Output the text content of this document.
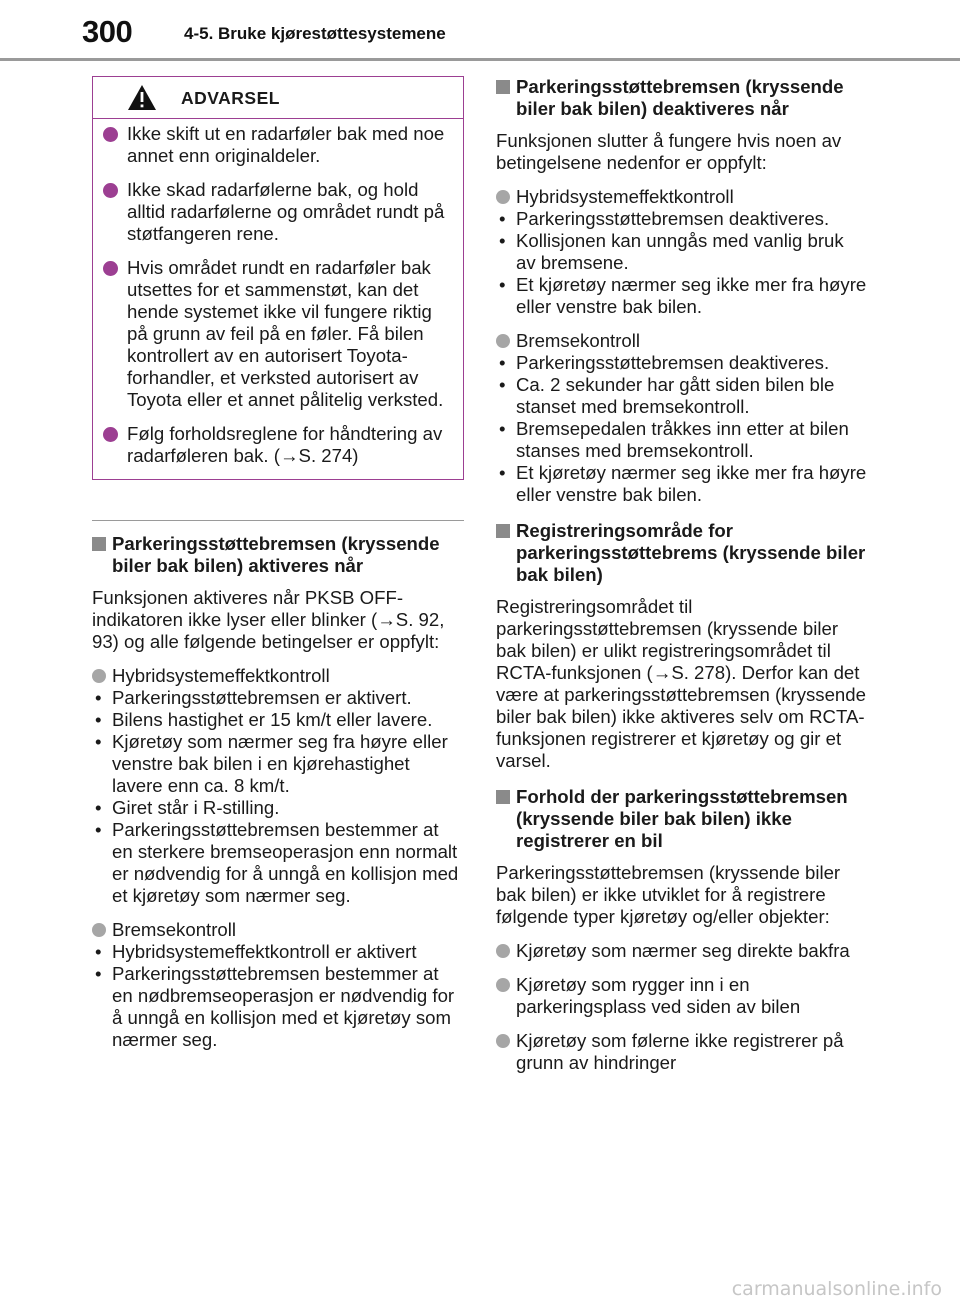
300	4-5. Bruke kjørestøttesystemene
ADVARSEL

Ikke skift ut en radarføler bak med noe annet enn originaldeler.

Ikke skad radarfølerne bak, og hold alltid radarfølerne og området rundt på støtfangeren rene.

Hvis området rundt en radarføler bak utsettes for et sammenstøt, kan det hende systemet ikke vil fungere riktig på grunn av feil på en føler. Få bilen kontrollert av en autorisert Toyota-forhandler, et verksted autorisert av Toyota eller et annet pålitelig verksted.

Følg forholdsreglene for håndtering av radarføleren bak. (→S. 274)

Parkeringsstøttebremsen (kryssende biler bak bilen) aktiveres når

Funksjonen aktiveres når PKSB OFF-indikatoren ikke lyser eller blinker (→S. 92, 93) og alle følgende betingelser er oppfylt:

Hybridsystemeffektkontroll

• Parkeringsstøttebremsen er aktivert.

• Bilens hastighet er 15 km/t eller lavere.

• Kjøretøy som nærmer seg fra høyre eller venstre bak bilen i en kjørehastighet lavere enn ca. 8 km/t.

• Giret står i R-stilling.

• Parkeringsstøttebremsen bestemmer at en sterkere bremseoperasjon enn normalt er nødvendig for å unngå en kollisjon med et kjøretøy som nærmer seg.

Bremsekontroll

• Hybridsystemeffektkontroll er aktivert

• Parkeringsstøttebremsen bestemmer at en nødbremseoperasjon er nødvendig for å unngå en kollisjon med et kjøretøy som nærmer seg.

Parkeringsstøttebremsen (kryssende biler bak bilen) deaktiveres når

Funksjonen slutter å fungere hvis noen av betingelsene nedenfor er oppfylt:

Hybridsystemeffektkontroll

• Parkeringsstøttebremsen deaktiveres.

• Kollisjonen kan unngås med vanlig bruk av bremsene.

• Et kjøretøy nærmer seg ikke mer fra høyre eller venstre bak bilen.

Bremsekontroll

• Parkeringsstøttebremsen deaktiveres.

• Ca. 2 sekunder har gått siden bilen ble stanset med bremsekontroll.

• Bremsepedalen tråkkes inn etter at bilen stanses med bremsekontroll.

• Et kjøretøy nærmer seg ikke mer fra høyre eller venstre bak bilen.

Registreringsområde for parkeringsstøttebrems (kryssende biler bak bilen)

Registreringsområdet til parkeringsstøttebremsen (kryssende biler bak bilen) er ulikt registreringsområdet til RCTA-funksjonen (→S. 278). Derfor kan det være at parkeringsstøttebremsen (kryssende biler bak bilen) ikke aktiveres selv om RCTA-funksjonen registrerer et kjøretøy og gir et varsel.

Forhold der parkeringsstøttebremsen (kryssende biler bak bilen) ikke registrerer en bil

Parkeringsstøttebremsen (kryssende biler bak bilen) er ikke utviklet for å registrere følgende typer kjøretøy og/eller objekter:

Kjøretøy som nærmer seg direkte bakfra
Kjøretøy som rygger inn i en parkeringsplass ved siden av bilen
Kjøretøy som følerne ikke registrerer på grunn av hindringer
carmanualsonline.info
